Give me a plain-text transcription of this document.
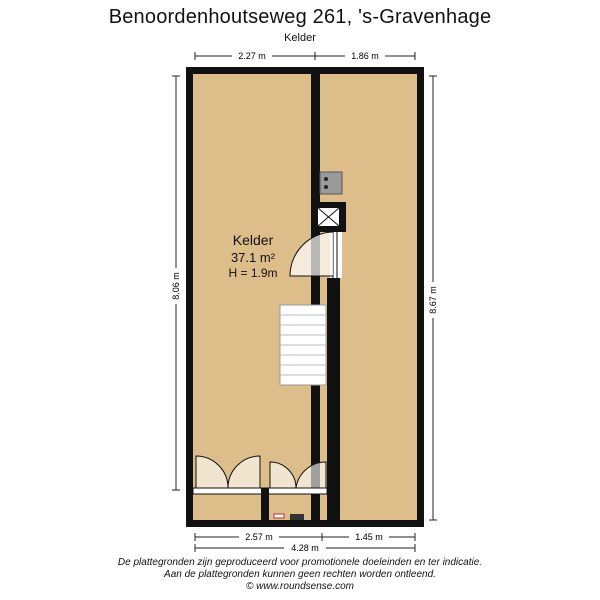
Benoordenhoutseweg 261, 's-Gravenhage
Kelder
Kelder
37.1 m²
H = 1.9m
2.27 m	1.86 m
8.06 m
8.67 m
2.57 m	1.45 m
4.28 m
De plattegronden zijn geproduceerd voor promotionele doeleinden en ter indicatie.
Aan de plattegronden kunnen geen rechten worden ontleend.
© www.roundsense.com
